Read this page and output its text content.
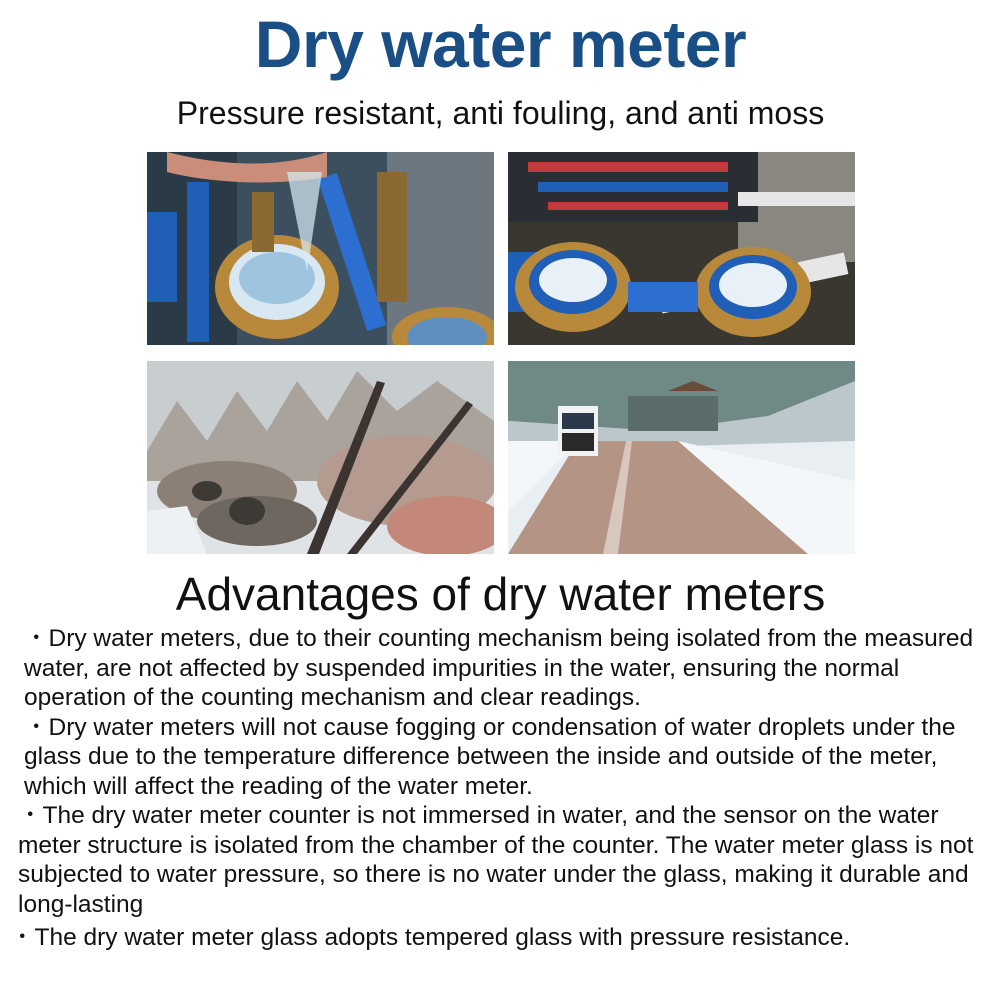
Dry water meter
Pressure resistant, anti fouling, and anti moss
Advantages of dry water meters
・Dry water meters, due to their counting mechanism being isolated from the measured water, are not affected by suspended impurities in the water, ensuring the normal operation of the counting mechanism and clear readings.
・Dry water meters will not cause fogging or condensation of water droplets under the glass due to the temperature difference between the inside and outside of the meter, which will affect the reading of the water meter.
・The dry water meter counter is not immersed in water, and the sensor on the water meter structure is isolated from the chamber of the counter. The water meter glass is not subjected to water pressure, so there is no water under the glass, making it durable and long-lasting
・The dry water meter glass adopts tempered glass with pressure resistance.
